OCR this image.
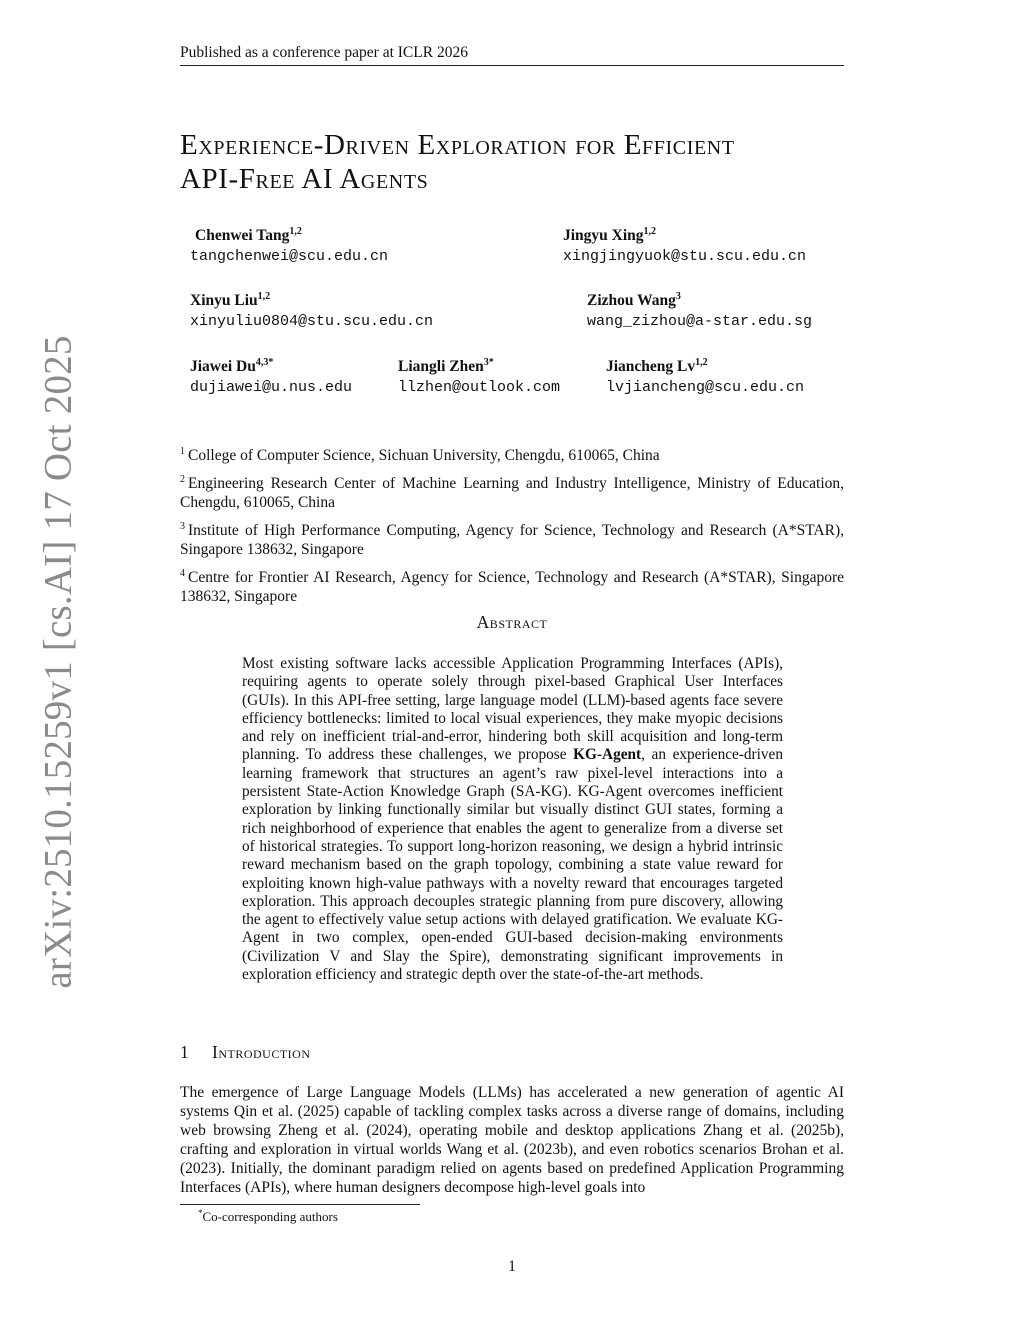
Published as a conference paper at ICLR 2026
arXiv:2510.15259v1 [cs.AI] 17 Oct 2025
Experience-Driven Exploration for Efficient
API-Free AI Agents
Chenwei Tang$^{1,2}$
tangchenwei@scu.edu.cn
Jingyu Xing$^{1,2}$
xingjingyuok@stu.scu.edu.cn
Xinyu Liu$^{1,2}$
xinyuliu0804@stu.scu.edu.cn
Zizhou Wang$^3$
wang_zizhou@a-star.edu.sg
Jiawei $Du^{4,3*}$
dujiawei@u.nus.edu
Liangli Zhen$^{3*}$
llzhen@outlook.com
Jiancheng Lv$^{1,2}$
lvjiancheng@scu.edu.cn
$^1$ College of Computer Science, Sichuan University, Chengdu, 610065, China
$^2$ Engineering Research Center of Machine Learning and Industry Intelligence, Ministry of Education, Chengdu, 610065, China
$^3$ Institute of High Performance Computing, Agency for Science, Technology and Research (A*STAR), Singapore 138632, Singapore
$^4$ Centre for Frontier AI Research, Agency for Science, Technology and Research (A*STAR), Singapore 138632, Singapore
Abstract
Most existing software lacks accessible Application Programming Interfaces (APIs), requiring agents to operate solely through pixel-based Graphical User Interfaces (GUIs). In this API-free setting, large language model (LLM)-based agents face severe efficiency bottlenecks: limited to local visual experiences, they make myopic decisions and rely on inefficient trial-and-error, hindering both skill acquisition and long-term planning. To address these challenges, we propose KG-Agent, an experience-driven learning framework that structures an agent’s raw pixel-level interactions into a persistent State-Action Knowledge Graph (SA-KG). KG-Agent overcomes inefficient exploration by linking functionally similar but visually distinct GUI states, forming a rich neighborhood of experience that enables the agent to generalize from a diverse set of historical strategies. To support long-horizon reasoning, we design a hybrid intrinsic reward mechanism based on the graph topology, combining a state value reward for exploiting known high-value pathways with a novelty reward that encourages targeted exploration. This approach decouples strategic planning from pure discovery, allowing the agent to effectively value setup actions with delayed gratification. We evaluate KG-Agent in two complex, open-ended GUI-based decision-making environments (Civilization V and Slay the Spire), demonstrating significant improvements in exploration efficiency and strategic depth over the state-of-the-art methods.
1 Introduction
The emergence of Large Language Models (LLMs) has accelerated a new generation of agentic AI systems Qin et al. (2025) capable of tackling complex tasks across a diverse range of domains, including web browsing Zheng et al. (2024), operating mobile and desktop applications Zhang et al. (2025b), crafting and exploration in virtual worlds Wang et al. (2023b), and even robotics scenarios Brohan et al. (2023). Initially, the dominant paradigm relied on agents based on predefined Application Programming Interfaces (APIs), where human designers decompose high-level goals into
*Co-corresponding authors
1
